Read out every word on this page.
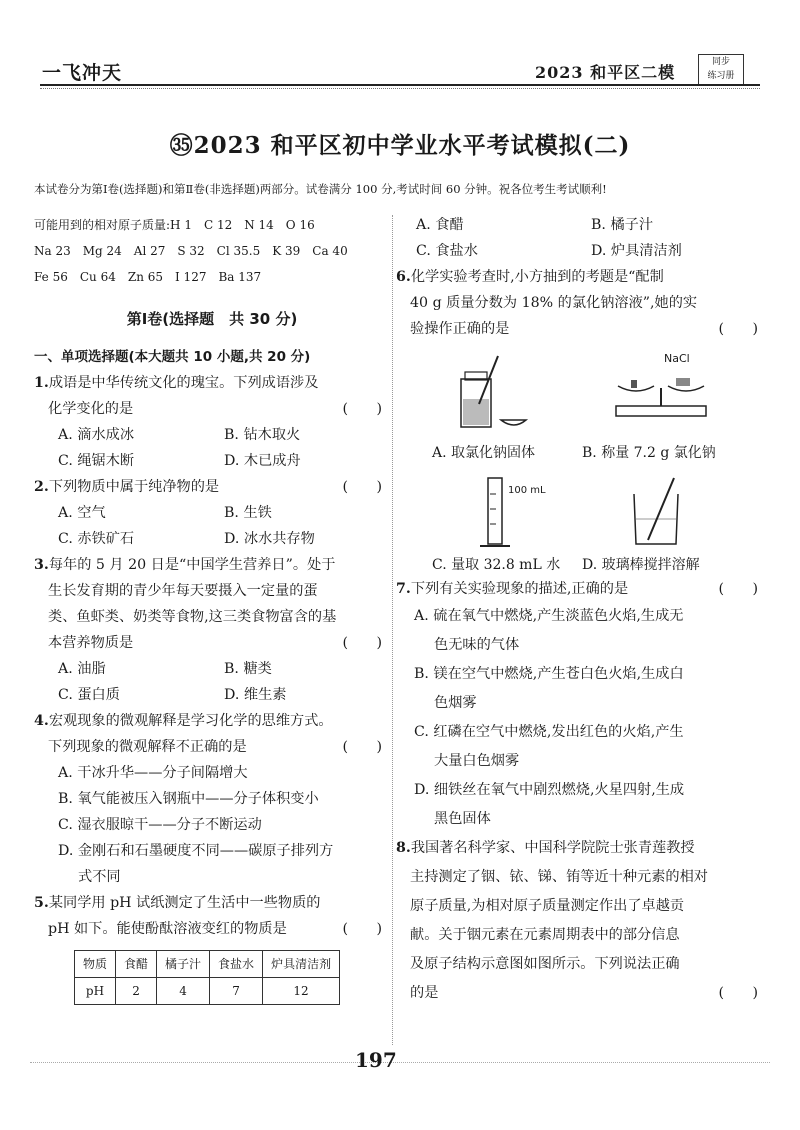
一飞冲天	2023 和平区二模
同步
练习册
㉟2023 和平区初中学业水平考试模拟(二)
本试卷分为第Ⅰ卷(选择题)和第Ⅱ卷(非选择题)两部分。试卷满分 100 分,考试时间 60 分钟。祝各位考生考试顺利!
可能用到的相对原子质量:H 1　C 12　N 14　O 16
Na 23　Mg 24　Al 27　S 32　Cl 35.5　K 39　Ca 40
Fe 56　Cu 64　Zn 65　I 127　Ba 137
第Ⅰ卷(选择题　共 30 分)
一、单项选择题(本大题共 10 小题,共 20 分)
1.成语是中华传统文化的瑰宝。下列成语涉及
化学变化的是	(　　)
A. 滴水成冰	B. 钻木取火
C. 绳锯木断	D. 木已成舟
2.下列物质中属于纯净物的是	(　　)
A. 空气	B. 生铁
C. 赤铁矿石	D. 冰水共存物
3.每年的 5 月 20 日是“中国学生营养日”。处于
生长发育期的青少年每天要摄入一定量的蛋
类、鱼虾类、奶类等食物,这三类食物富含的基
本营养物质是	(　　)
A. 油脂	B. 糖类
C. 蛋白质	D. 维生素
4.宏观现象的微观解释是学习化学的思维方式。
下列现象的微观解释不正确的是	(　　)
A. 干冰升华——分子间隔增大
B. 氧气能被压入钢瓶中——分子体积变小
C. 湿衣服晾干——分子不断运动
D. 金刚石和石墨硬度不同——碳原子排列方
式不同
5.某同学用 pH 试纸测定了生活中一些物质的
pH 如下。能使酚酞溶液变红的物质是	(　　)
物质	食醋	橘子汁	食盐水	炉具清洁剂
pH	2	4	7	12
A. 食醋	B. 橘子汁
C. 食盐水	D. 炉具清洁剂
6.化学实验考查时,小方抽到的考题是“配制
40 g 质量分数为 18% 的氯化钠溶液”,她的实
验操作正确的是	(　　)
NaCl
A. 取氯化钠固体	B. 称量 7.2 g 氯化钠
100 mL
C. 量取 32.8 mL 水 D. 玻璃棒搅拌溶解
7.下列有关实验现象的描述,正确的是	(　　)
A. 硫在氧气中燃烧,产生淡蓝色火焰,生成无
色无味的气体
B. 镁在空气中燃烧,产生苍白色火焰,生成白
色烟雾
C. 红磷在空气中燃烧,发出红色的火焰,产生
大量白色烟雾
D. 细铁丝在氧气中剧烈燃烧,火星四射,生成
黑色固体
8.我国著名科学家、中国科学院院士张青莲教授
主持测定了铟、铱、锑、铕等近十种元素的相对
原子质量,为相对原子质量测定作出了卓越贡
献。关于铟元素在元素周期表中的部分信息
及原子结构示意图如图所示。下列说法正确
的是	(　　)
197
